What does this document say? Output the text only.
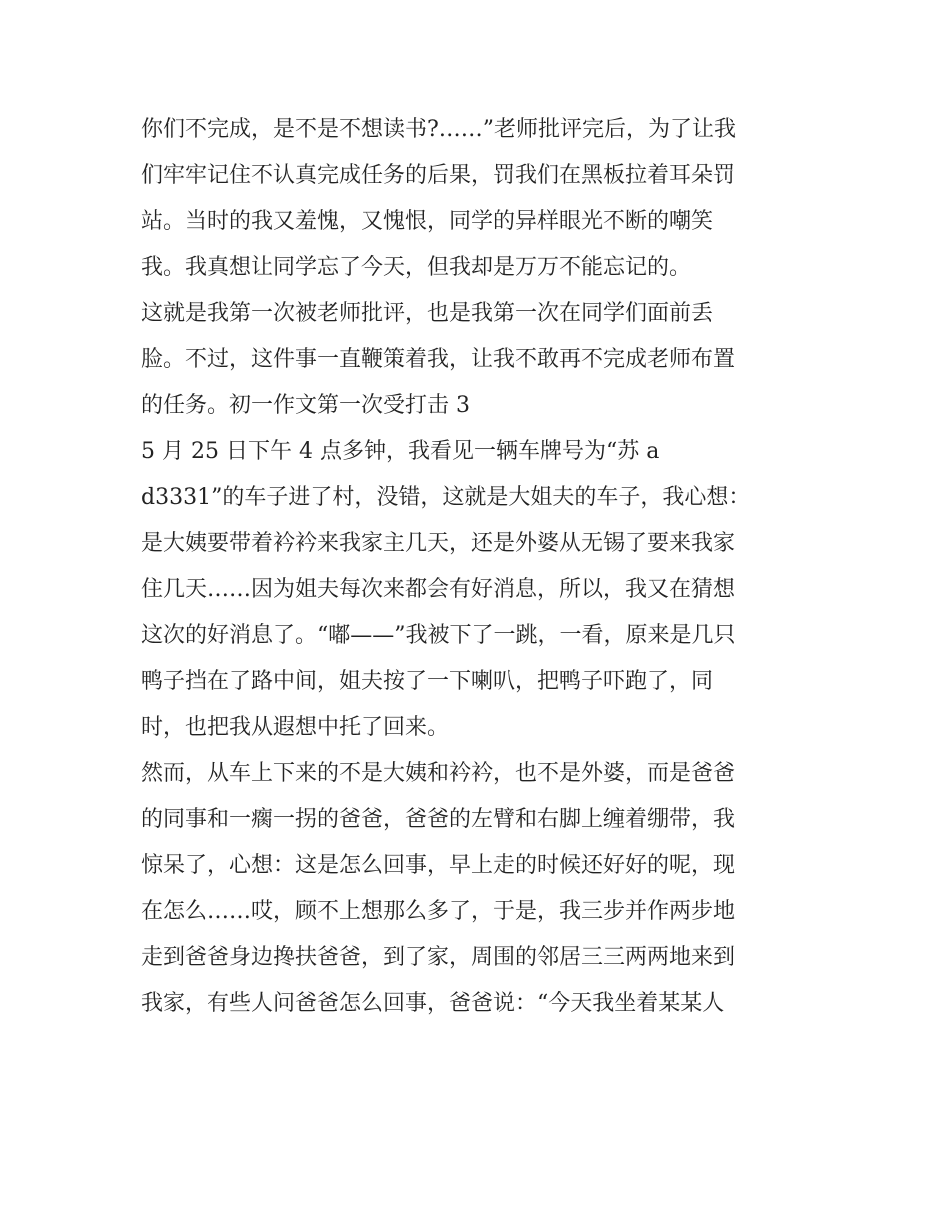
你们不完成，是不是不想读书?……”老师批评完后，为了让我
们牢牢记住不认真完成任务的后果，罚我们在黑板拉着耳朵罚
站。当时的我又羞愧，又愧恨，同学的异样眼光不断的嘲笑
我。我真想让同学忘了今天，但我却是万万不能忘记的。
这就是我第一次被老师批评，也是我第一次在同学们面前丢
脸。不过，这件事一直鞭策着我，让我不敢再不完成老师布置
的任务。初一作文第一次受打击 3
5 月 25 日下午 4 点多钟，我看见一辆车牌号为“苏 a
d3331”的车子进了村，没错，这就是大姐夫的车子，我心想：
是大姨要带着衿衿来我家主几天，还是外婆从无锡了要来我家
住几天……因为姐夫每次来都会有好消息，所以，我又在猜想
这次的好消息了。“嘟——”我被下了一跳，一看，原来是几只
鸭子挡在了路中间，姐夫按了一下喇叭，把鸭子吓跑了，同
时，也把我从遐想中托了回来。
然而，从车上下来的不是大姨和衿衿，也不是外婆，而是爸爸
的同事和一瘸一拐的爸爸，爸爸的左臂和右脚上缠着绷带，我
惊呆了，心想：这是怎么回事，早上走的时候还好好的呢，现
在怎么……哎，顾不上想那么多了，于是，我三步并作两步地
走到爸爸身边搀扶爸爸，到了家，周围的邻居三三两两地来到
我家，有些人问爸爸怎么回事，爸爸说：“今天我坐着某某人
